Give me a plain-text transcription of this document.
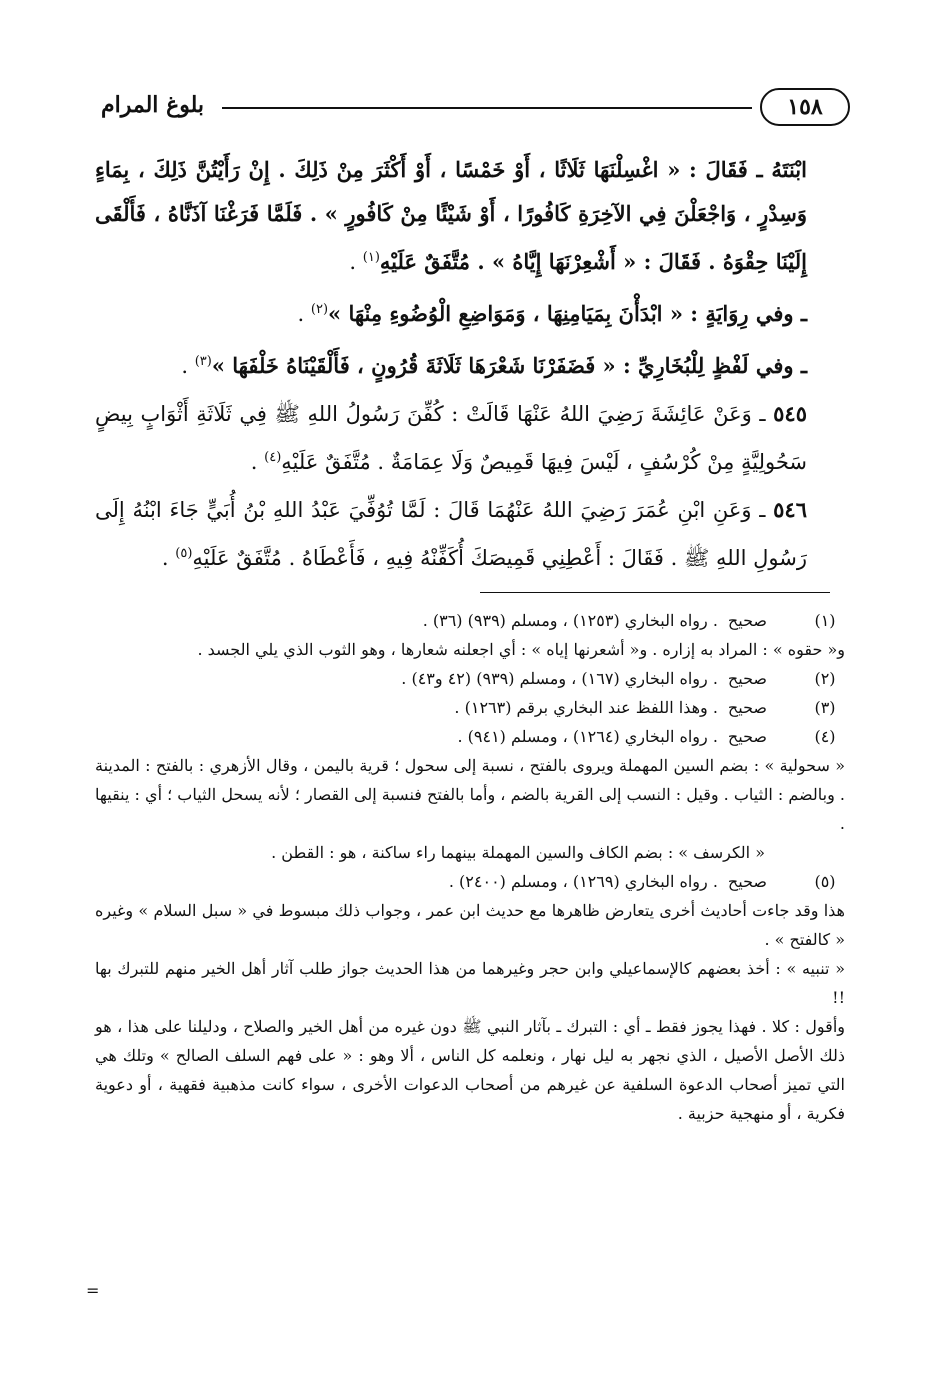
بلوغ المرام	١٥٨

ابْنَتَهُ ـ فَقَالَ : « اغْسِلْنَهَا ثَلَاثًا ، أَوْ خَمْسًا ، أَوْ أَكْثَرَ مِنْ ذَلِكَ . إِنْ رَأَيْتُنَّ ذَلِكَ ، بِمَاءٍ وَسِدْرٍ ، وَاجْعَلْنَ فِي الآخِرَةِ كَافُورًا ، أَوْ شَيْئًا مِنْ كَافُورٍ » . فَلَمَّا فَرَغْنَا آذَنَّاهُ ، فَأَلْقَى إِلَيْنَا حِقْوَهُ . فَقَالَ : « أَشْعِرْنَهَا إِيَّاهُ » . مُتَّفَقٌ عَلَيْهِ$^{(١)}$ .

ـ وفي رِوَايَةٍ : « ابْدَأْنَ بِمَيَامِنِهَا ، وَمَوَاضِعِ الْوُضُوءِ مِنْهَا »$^{(٢)}$ .

ـ وفي لَفْظٍ لِلْبُخَارِيِّ : « فَضَفَرْنَا شَعْرَهَا ثَلَاثَةَ قُرُونٍ ، فَأَلْقَيْنَاهُ خَلْفَهَا »$^{(٣)}$ .

٥٤٥ ـ وَعَنْ عَائِشَةَ رَضِيَ اللهُ عَنْهَا قَالَتْ : كُفِّنَ رَسُولُ اللهِ ﷺ فِي ثَلَاثَةِ أَثْوَابٍ بِيضٍ سَحُولِيَّةٍ مِنْ كُرْسُفٍ ، لَيْسَ فِيهَا قَمِيصٌ وَلَا عِمَامَةٌ . مُتَّفَقٌ عَلَيْهِ$^{(٤)}$ .

٥٤٦ ـ وَعَنِ ابْنِ عُمَرَ رَضِيَ اللهُ عَنْهُمَا قَالَ : لَمَّا تُوُفِّيَ عَبْدُ اللهِ بْنُ أُبَيٍّ جَاءَ ابْنُهُ إِلَى رَسُولِ اللهِ ﷺ . فَقَالَ : أَعْطِنِي قَمِيصَكَ أُكَفِّنْهُ فِيهِ ، فَأَعْطَاهُ . مُتَّفَقٌ عَلَيْهِ$^{(٥)}$ .

(١)
صحيح. رواه البخاري (١٢٥٣) ، ومسلم (٩٣٩) (٣٦) .

و« حقوه » : المراد به إزاره . و« أشعرنها إياه » : أي اجعلنه شعارها ، وهو الثوب الذي يلي الجسد .

(٢)
صحيح. رواه البخاري (١٦٧) ، ومسلم (٩٣٩) (٤٢ و٤٣) .

(٣)
صحيح. وهذا اللفظ عند البخاري برقم (١٢٦٣) .

(٤)
صحيح. رواه البخاري (١٢٦٤) ، ومسلم (٩٤١) .

« سحولية » : بضم السين المهملة ويروى بالفتح ، نسبة إلى سحول ؛ قرية باليمن ، وقال الأزهري : بالفتح : المدينة . وبالضم : الثياب . وقيل : النسب إلى القرية بالضم ، وأما بالفتح فنسبة إلى القصار ؛ لأنه يسحل الثياب ؛ أي : ينقيها .

« الكرسف » : بضم الكاف والسين المهملة بينهما راء ساكنة ، هو : القطن .

(٥)
صحيح. رواه البخاري (١٢٦٩) ، ومسلم (٢٤٠٠) .

هذا وقد جاءت أحاديث أخرى يتعارض ظاهرها مع حديث ابن عمر ، وجواب ذلك مبسوط في « سبل السلام » وغيره « كالفتح » .

« تنبيه » : أخذ بعضهم كالإسماعيلي وابن حجر وغيرهما من هذا الحديث جواز طلب آثار أهل الخير منهم للتبرك بها !!

وأقول : كلا . فهذا يجوز فقط ـ أي : التبرك ـ بآثار النبي ﷺ دون غيره من أهل الخير والصلاح ، ودليلنا على هذا ، هو ذلك الأصل الأصيل ، الذي نجهر به ليل نهار ، ونعلمه كل الناس ، ألا وهو : « على فهم السلف الصالح » وتلك هي التي تميز أصحاب الدعوة السلفية عن غيرهم من أصحاب الدعوات الأخرى ، سواء كانت مذهبية فقهية ، أو دعوية فكرية ، أو منهجية حزبية .

=
